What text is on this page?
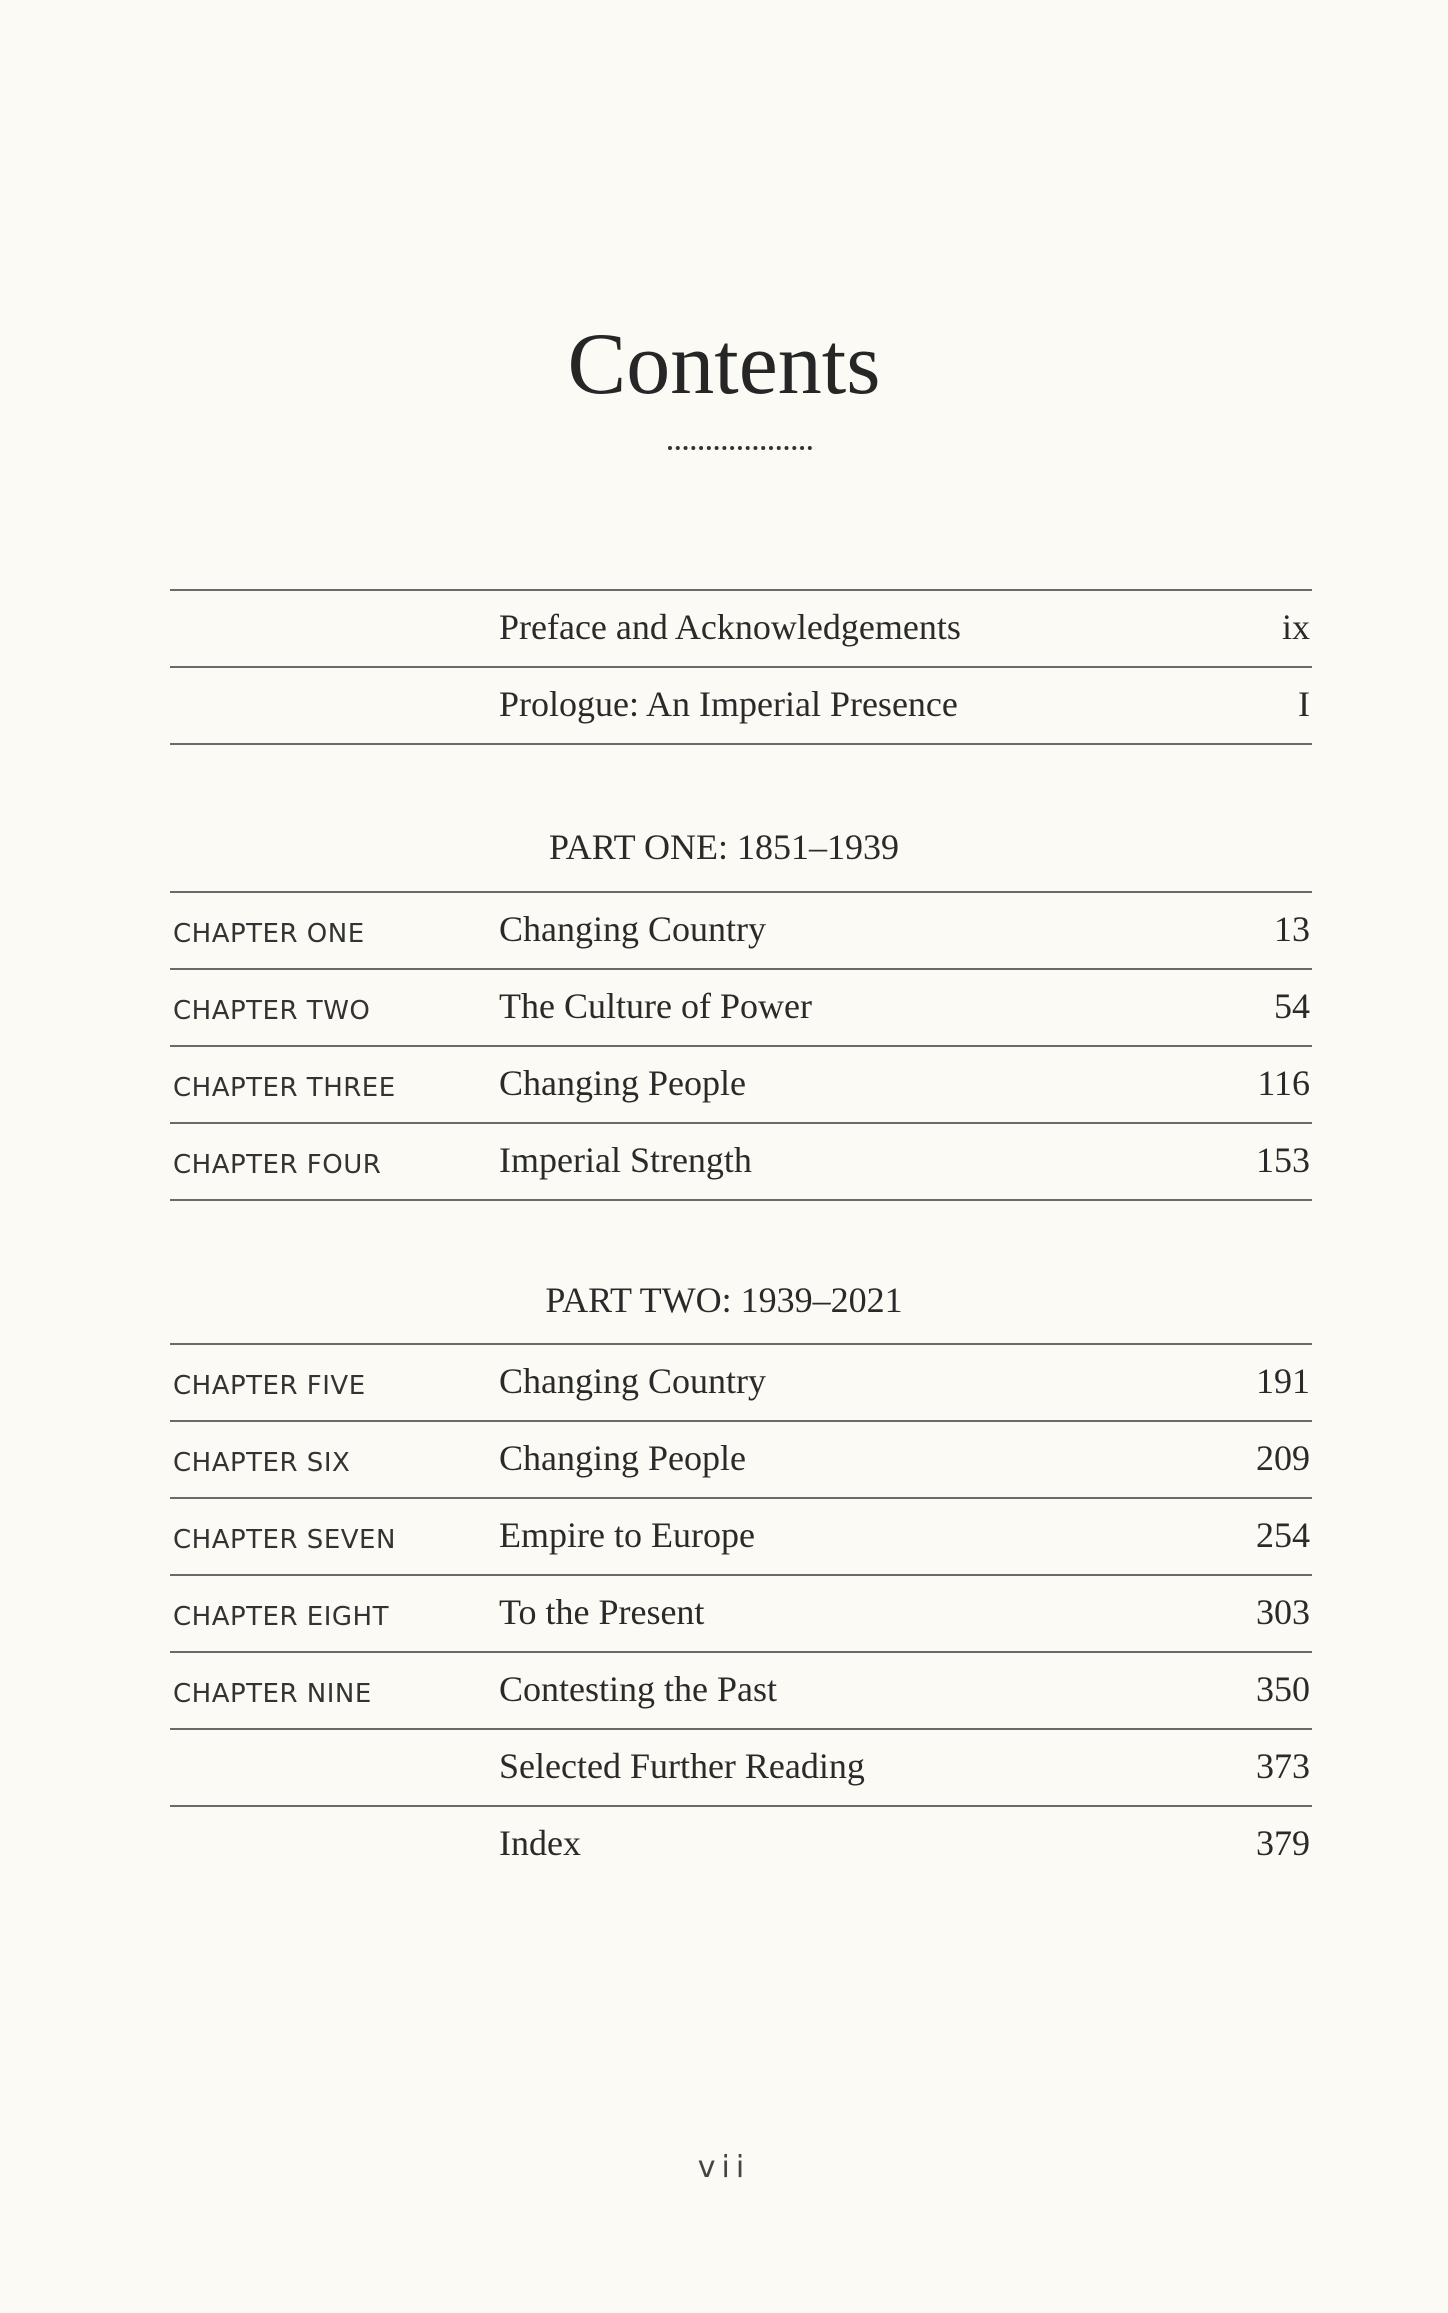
Contents
Preface and Acknowledgements	ix
Prologue: An Imperial Presence	I
PART ONE: 1851–1939
CHAPTER ONE	Changing Country	13
CHAPTER TWO	The Culture of Power	54
CHAPTER THREE	Changing People	116
CHAPTER FOUR	Imperial Strength	153
PART TWO: 1939–2021
CHAPTER FIVE	Changing Country	191
CHAPTER SIX	Changing People	209
CHAPTER SEVEN	Empire to Europe	254
CHAPTER EIGHT	To the Present	303
CHAPTER NINE	Contesting the Past	350
Selected Further Reading	373
Index	379
vii
